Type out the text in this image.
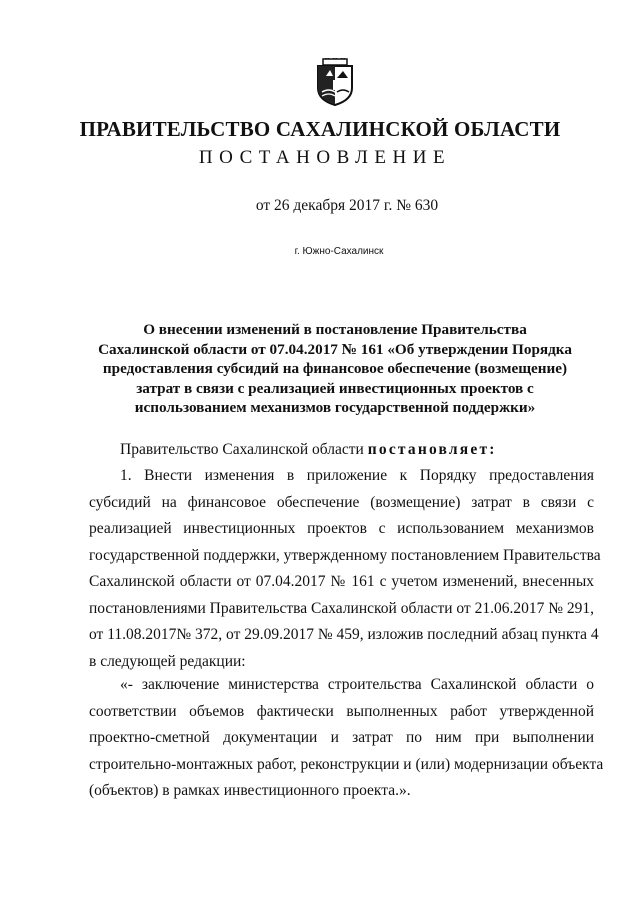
ПРАВИТЕЛЬСТВО САХАЛИНСКОЙ ОБЛАСТИ
ПОСТАНОВЛЕНИЕ
от 26 декабря 2017 г. № 630
г. Южно-Сахалинск
О внесении изменений в постановление Правительства
Сахалинской области от 07.04.2017 № 161 «Об утверждении Порядка
предоставления субсидий на финансовое обеспечение (возмещение)
затрат в связи с реализацией инвестиционных проектов с
использованием механизмов государственной поддержки»
Правительство Сахалинской области постановляет:
1. Внести изменения в приложение к Порядку предоставления
субсидий на финансовое обеспечение (возмещение) затрат в связи с
реализацией инвестиционных проектов с использованием механизмов
государственной поддержки, утвержденному постановлением Правительства
Сахалинской области от 07.04.2017 № 161 с учетом изменений, внесенных
постановлениями Правительства Сахалинской области от 21.06.2017 № 291,
от 11.08.2017№ 372, от 29.09.2017 № 459, изложив последний абзац пункта 4
в следующей редакции:
«- заключение министерства строительства Сахалинской области о
соответствии объемов фактически выполненных работ утвержденной
проектно-сметной документации и затрат по ним при выполнении
строительно-монтажных работ, реконструкции и (или) модернизации объекта
(объектов) в рамках инвестиционного проекта.».
